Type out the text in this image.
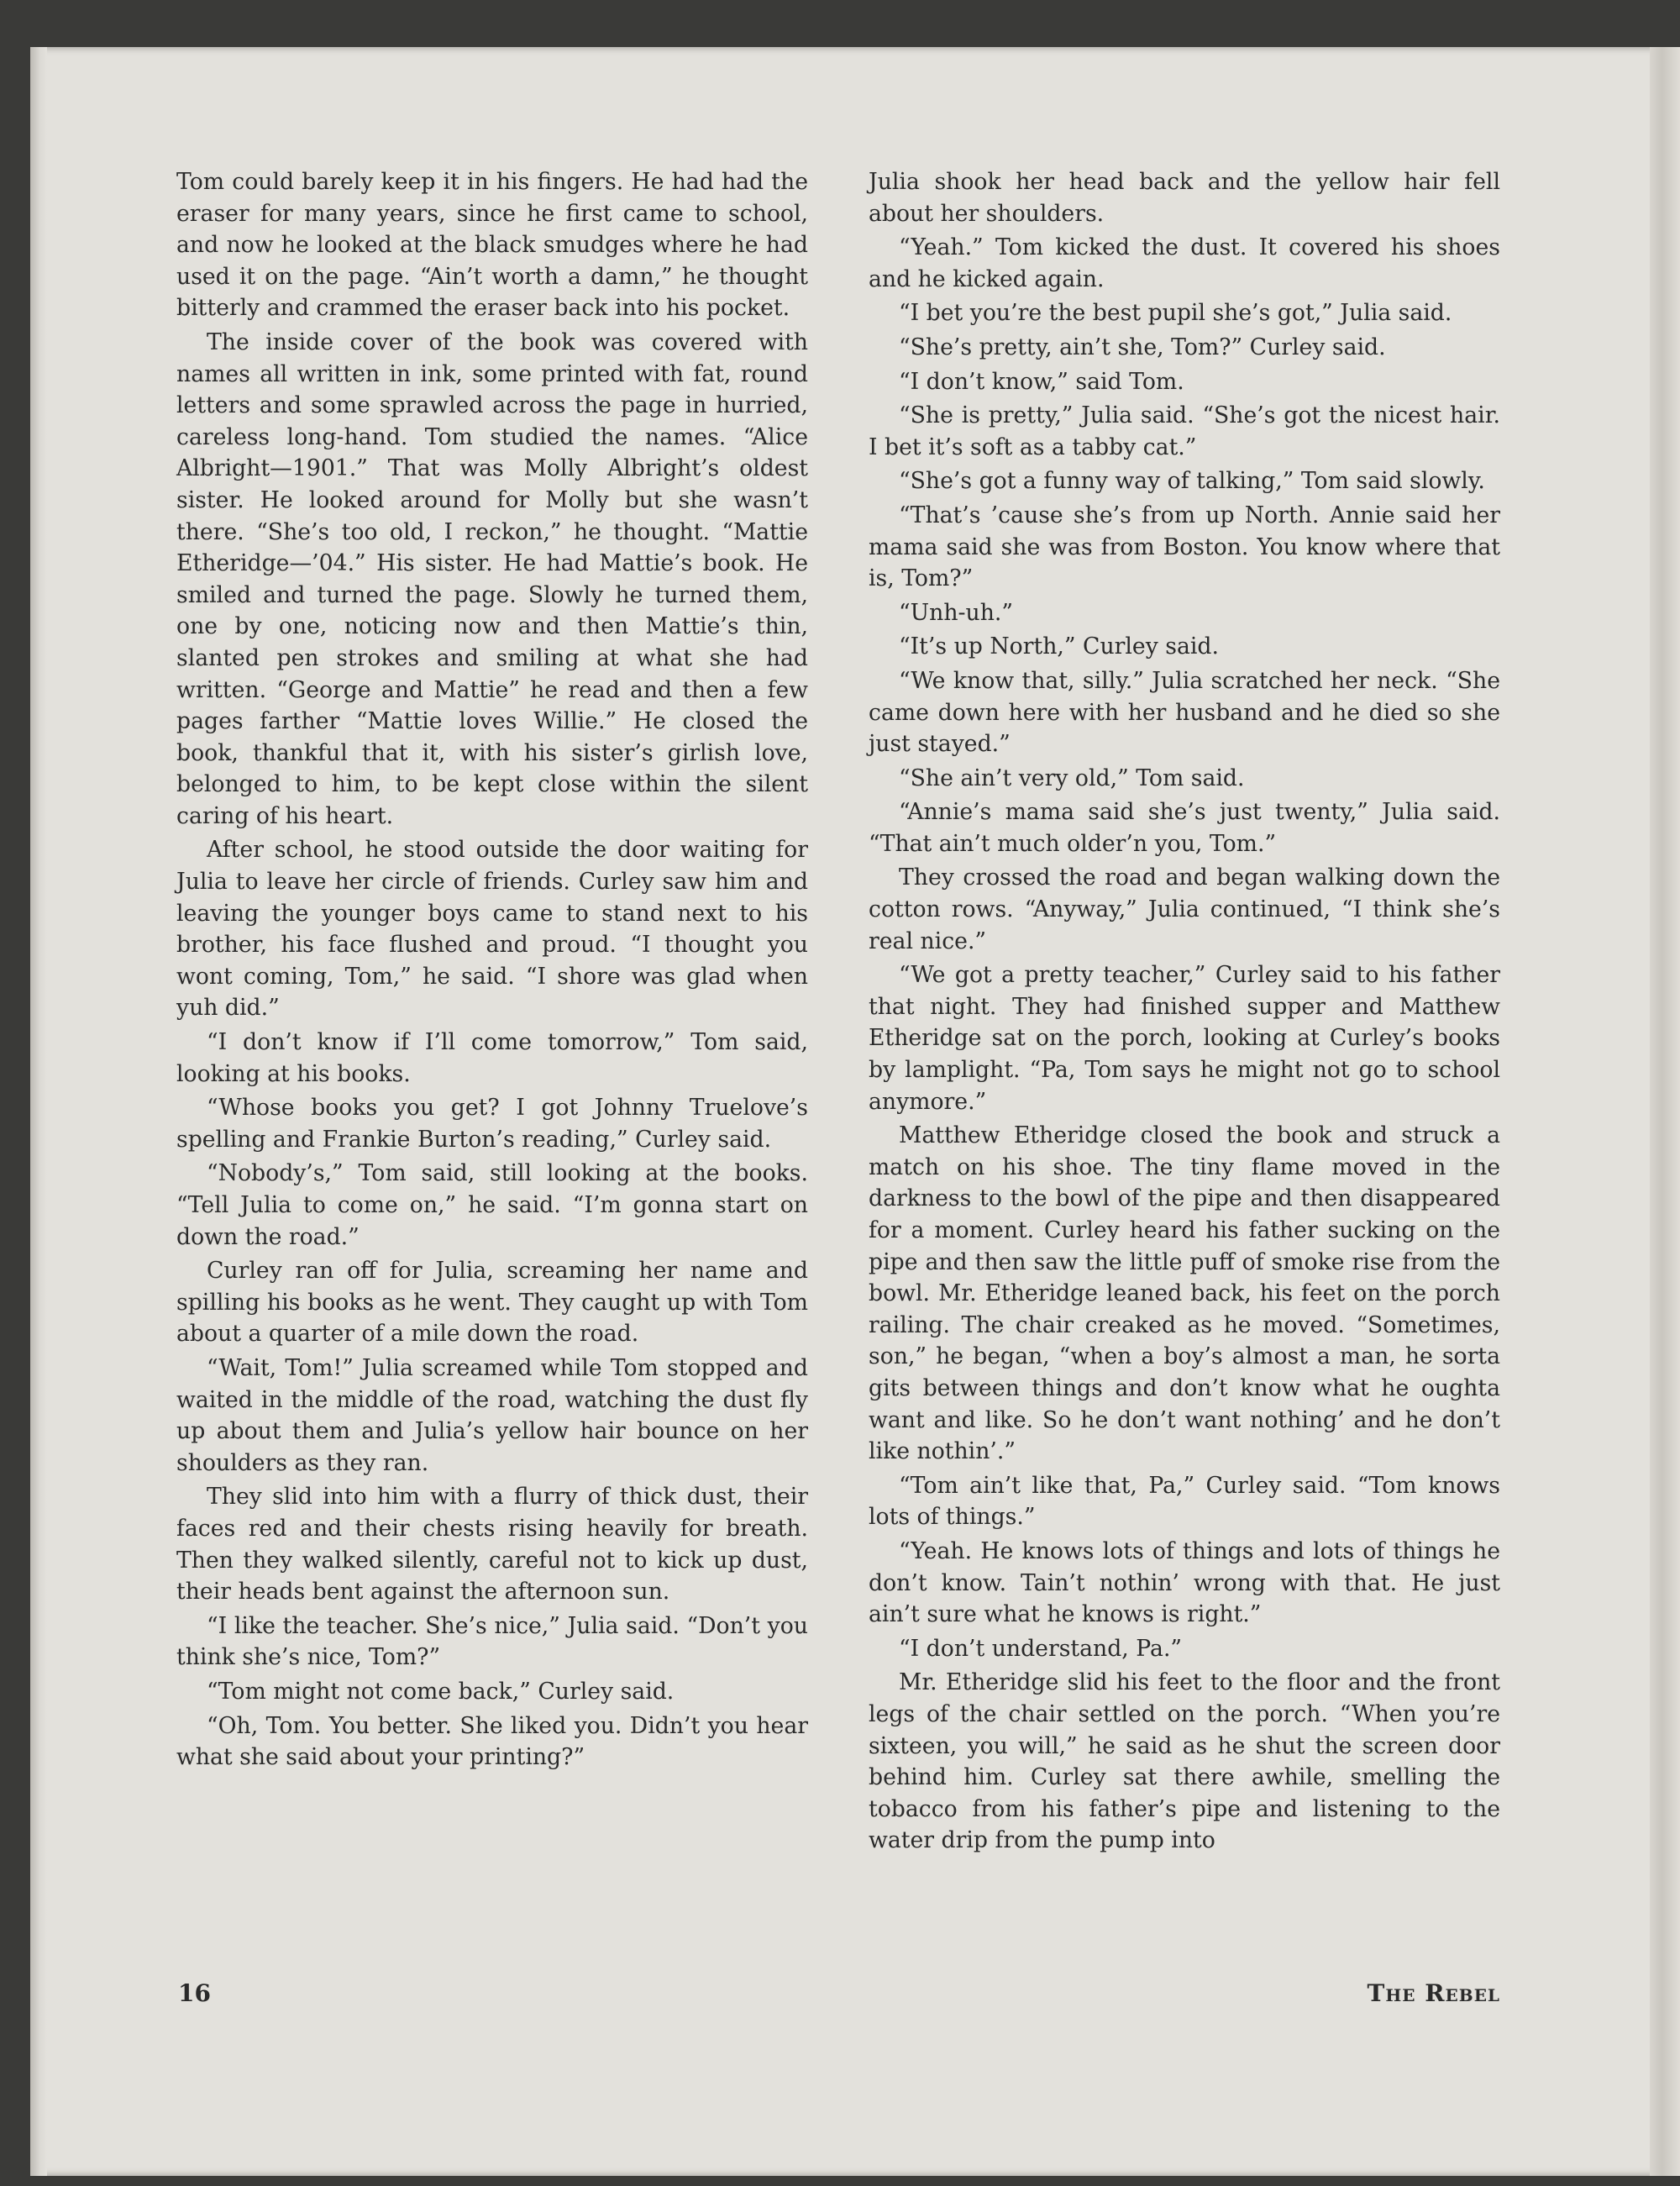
Tom could barely keep it in his fingers. He had had the eraser for many years, since he first came to school, and now he looked at the black smudges where he had used it on the page. “Ain’t worth a damn,” he thought bitterly and crammed the eraser back into his pocket.

The inside cover of the book was covered with names all written in ink, some printed with fat, round letters and some sprawled across the page in hurried, careless long-hand. Tom studied the names. “Alice Albright—1901.” That was Molly Albright’s oldest sister. He looked around for Molly but she wasn’t there. “She’s too old, I reckon,” he thought. “Mattie Etheridge—’04.” His sister. He had Mattie’s book. He smiled and turned the page. Slowly he turned them, one by one, noticing now and then Mattie’s thin, slanted pen strokes and smiling at what she had written. “George and Mattie” he read and then a few pages farther “Mattie loves Willie.” He closed the book, thankful that it, with his sister’s girlish love, belonged to him, to be kept close within the silent caring of his heart.

After school, he stood outside the door waiting for Julia to leave her circle of friends. Curley saw him and leaving the younger boys came to stand next to his brother, his face flushed and proud. “I thought you wont coming, Tom,” he said. “I shore was glad when yuh did.”

“I don’t know if I’ll come tomorrow,” Tom said, looking at his books.

“Whose books you get? I got Johnny Truelove’s spelling and Frankie Burton’s reading,” Curley said.

“Nobody’s,” Tom said, still looking at the books. “Tell Julia to come on,” he said. “I’m gonna start on down the road.”

Curley ran off for Julia, screaming her name and spilling his books as he went. They caught up with Tom about a quarter of a mile down the road.

“Wait, Tom!” Julia screamed while Tom stopped and waited in the middle of the road, watching the dust fly up about them and Julia’s yellow hair bounce on her shoulders as they ran.

They slid into him with a flurry of thick dust, their faces red and their chests rising heavily for breath. Then they walked silently, careful not to kick up dust, their heads bent against the afternoon sun.

“I like the teacher. She’s nice,” Julia said. “Don’t you think she’s nice, Tom?”

“Tom might not come back,” Curley said.

“Oh, Tom. You better. She liked you. Didn’t you hear what she said about your printing?”

Julia shook her head back and the yellow hair fell about her shoulders.

“Yeah.” Tom kicked the dust. It covered his shoes and he kicked again.

“I bet you’re the best pupil she’s got,” Julia said.

“She’s pretty, ain’t she, Tom?” Curley said.

“I don’t know,” said Tom.

“She is pretty,” Julia said. “She’s got the nicest hair. I bet it’s soft as a tabby cat.”

“She’s got a funny way of talking,” Tom said slowly.

“That’s ’cause she’s from up North. Annie said her mama said she was from Boston. You know where that is, Tom?”

“Unh-uh.”

“It’s up North,” Curley said.

“We know that, silly.” Julia scratched her neck. “She came down here with her husband and he died so she just stayed.”

“She ain’t very old,” Tom said.

“Annie’s mama said she’s just twenty,” Julia said. “That ain’t much older’n you, Tom.”

They crossed the road and began walking down the cotton rows. “Anyway,” Julia continued, “I think she’s real nice.”

“We got a pretty teacher,” Curley said to his father that night. They had finished supper and Matthew Etheridge sat on the porch, looking at Curley’s books by lamplight. “Pa, Tom says he might not go to school anymore.”

Matthew Etheridge closed the book and struck a match on his shoe. The tiny flame moved in the darkness to the bowl of the pipe and then disappeared for a moment. Curley heard his father sucking on the pipe and then saw the little puff of smoke rise from the bowl. Mr. Etheridge leaned back, his feet on the porch railing. The chair creaked as he moved. “Sometimes, son,” he began, “when a boy’s almost a man, he sorta gits between things and don’t know what he oughta want and like. So he don’t want nothing’ and he don’t like nothin’.”

“Tom ain’t like that, Pa,” Curley said. “Tom knows lots of things.”

“Yeah. He knows lots of things and lots of things he don’t know. Tain’t nothin’ wrong with that. He just ain’t sure what he knows is right.”

“I don’t understand, Pa.”

Mr. Etheridge slid his feet to the floor and the front legs of the chair settled on the porch. “When you’re sixteen, you will,” he said as he shut the screen door behind him. Curley sat there awhile, smelling the tobacco from his father’s pipe and listening to the water drip from the pump into

16	The Rebel
